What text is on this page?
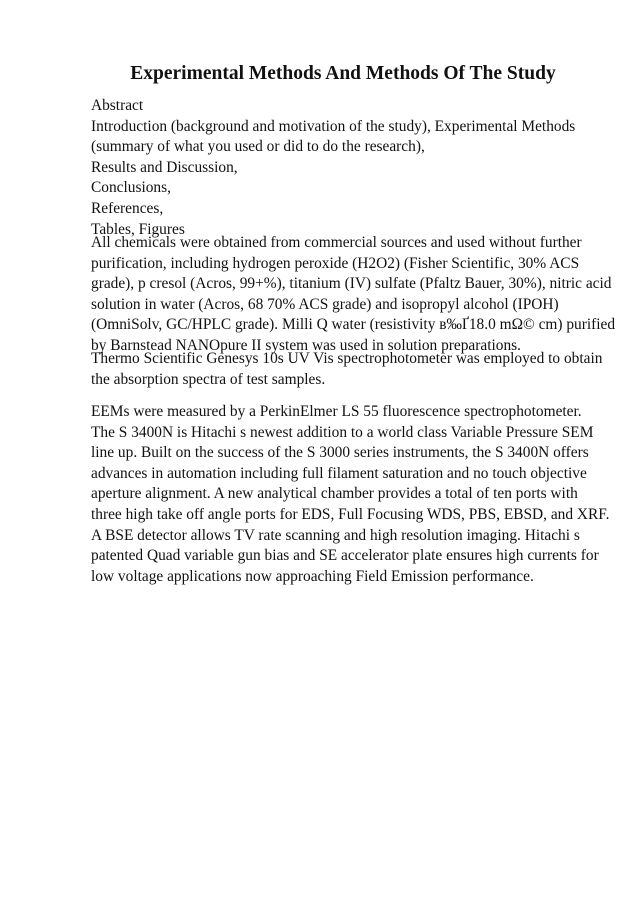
Experimental Methods And Methods Of The Study
Abstract
Introduction (background and motivation of the study), Experimental Methods
(summary of what you used or did to do the research),
Results and Discussion,
Conclusions,
References,
Tables, Figures
All chemicals were obtained from commercial sources and used without further
purification, including hydrogen peroxide (H2O2) (Fisher Scientific, 30% ACS
grade), p cresol (Acros, 99+%), titanium (IV) sulfate (Pfaltz Bauer, 30%), nitric acid
solution in water (Acros, 68 70% ACS grade) and isopropyl alcohol (IPOH)
(OmniSolv, GC/HPLC grade). Milli Q water (resistivity в‰Ґ18.0 mΩ© cm) purified
by Barnstead NANOpure II system was used in solution preparations.
Thermo Scientific Genesys 10s UV Vis spectrophotometer was employed to obtain
the absorption spectra of test samples.
EEMs were measured by a PerkinElmer LS 55 fluorescence spectrophotometer.
The S 3400N is Hitachi s newest addition to a world class Variable Pressure SEM
line up. Built on the success of the S 3000 series instruments, the S 3400N offers
advances in automation including full filament saturation and no touch objective
aperture alignment. A new analytical chamber provides a total of ten ports with
three high take off angle ports for EDS, Full Focusing WDS, PBS, EBSD, and XRF.
A BSE detector allows TV rate scanning and high resolution imaging. Hitachi s
patented Quad variable gun bias and SE accelerator plate ensures high currents for
low voltage applications now approaching Field Emission performance.
